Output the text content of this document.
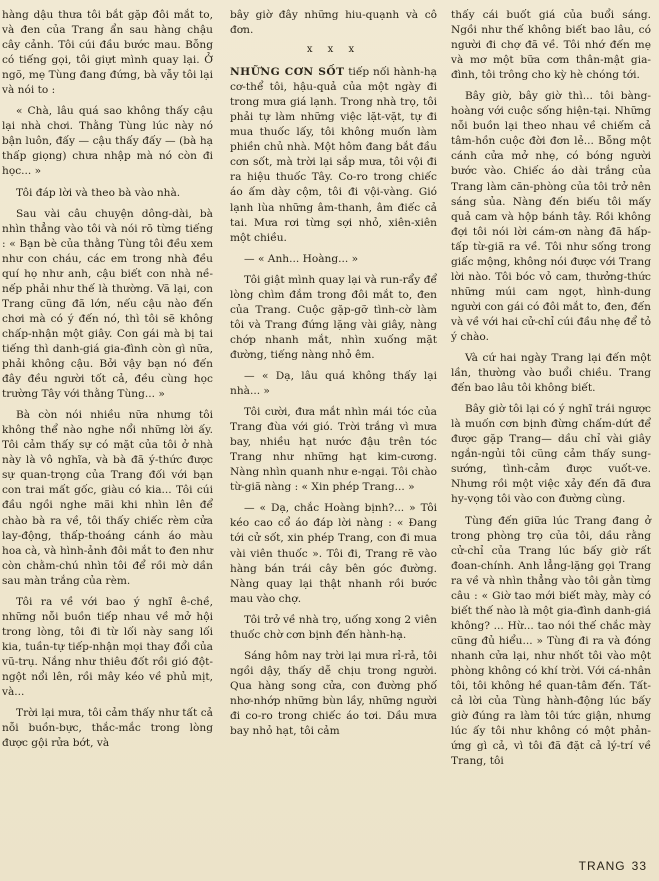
hàng dậu thưa tôi bắt gặp đôi mắt to, và đen của Trang ẩn sau hàng chậu cây cảnh. Tôi cúi đầu bước mau. Bỗng có tiếng gọi, tôi giựt mình quay lại. Ở ngõ, mẹ Tùng đang đứng, bà vẫy tôi lại và nói to :

« Chà, lâu quá sao không thấy cậu lại nhà chơi. Thằng Tùng lúc này nó bận luôn, đấy — cậu thấy đấy — (bà hạ thấp giọng) chưa nhập mà nó còn đi học... »

Tôi đáp lời và theo bà vào nhà.

Sau vài câu chuyện dông-dài, bà nhìn thẳng vào tôi và nói rõ từng tiếng : « Bạn bè của thằng Tùng tôi đều xem như con cháu, các em trong nhà đều quí họ như anh, cậu biết con nhà nề-nếp phải như thế là thường. Vã lại, con Trang cũng đã lớn, nếu cậu nào đến chơi mà có ý đến nó, thì tôi sẽ không chấp-nhận một giây. Con gái mà bị tai tiếng thì danh-giá gia-đình còn gì nữa, phải không cậu. Bởi vậy bạn nó đến đây đều người tốt cả, đều cùng học trường Tây với thằng Tùng... »

Bà còn nói nhiều nữa nhưng tôi không thể nào nghe nổi những lời ấy. Tôi cảm thấy sự có mặt của tôi ở nhà này là vô nghĩa, và bà đã ý-thức được sự quan-trọng của Trang đối với bạn con trai mất gốc, giàu có kia... Tôi cúi đầu ngồi nghe mãi khi nhìn lên để chào bà ra về, tôi thấy chiếc rèm cửa lay-động, thấp-thoáng cánh áo màu hoa cà, và hình-ảnh đôi mắt to đen như còn chằm-chú nhìn tôi để rồi mờ dần sau màn trắng của rèm.

Tôi ra về với bao ý nghĩ ê-chề, những nỗi buồn tiếp nhau về mở hội trong lòng, tôi đi từ lối này sang lối kia, tuần-tự tiếp-nhận mọi thay đổi của vũ-trụ. Nắng như thiêu đốt rồi gió đột-ngột nổi lên, rồi mây kéo về phủ mịt, và...

Trời lại mưa, tôi cảm thấy như tất cả nỗi buồn-bực, thắc-mắc trong lòng được gội rửa bớt, và

bây giờ đây những hiu-quạnh và cô đơn.

x x x

NHỮNG CƠN SỐT tiếp nối hành-hạ cơ-thể tôi, hậu-quả của một ngày đi trong mưa giá lạnh. Trong nhà trọ, tôi phải tự làm những việc lặt-vặt, tự đi mua thuốc lấy, tôi không muốn làm phiền chủ nhà. Một hôm đang bắt đầu cơn sốt, mà trời lại sắp mưa, tôi vội đi ra hiệu thuốc Tây. Co-ro trong chiếc áo ấm dày cộm, tôi đi vội-vàng. Gió lạnh lùa những âm-thanh, âm điếc cả tai. Mưa rơi từng sợi nhỏ, xiên-xiên một chiều.

— « Anh... Hoàng... »

Tôi giật mình quay lại và run-rẩy để lòng chìm đắm trong đôi mắt to, đen của Trang. Cuộc gặp-gỡ tình-cờ làm tôi và Trang đứng lặng vài giây, nàng chớp nhanh mắt, nhìn xuống mặt đường, tiếng nàng nhỏ êm.

— « Dạ, lâu quá không thấy lại nhà... »

Tôi cười, đưa mắt nhìn mái tóc của Trang đùa với gió. Trời trắng vì mưa bay, nhiều hạt nước đậu trên tóc Trang như những hạt kim-cương. Nàng nhìn quanh như e-ngại. Tôi chào từ-giã nàng : « Xin phép Trang... »

— « Dạ, chắc Hoàng bịnh?... » Tôi kéo cao cổ áo đáp lời nàng : « Đang tới cử sốt, xin phép Trang, con đi mua vài viên thuốc ». Tôi đi, Trang rẽ vào hàng bán trái cây bên góc đường. Nàng quay lại thật nhanh rồi bước mau vào chợ.

Tôi trở về nhà trọ, uống xong 2 viên thuốc chờ cơn bịnh đến hành-hạ.

Sáng hôm nay trời lại mưa rỉ-rả, tôi ngồi dậy, thấy dễ chịu trong người. Qua hàng song cửa, con đường phố nhơ-nhớp những bùn lầy, những người đi co-ro trong chiếc áo tơi. Dầu mưa bay nhỏ hạt, tôi cảm

thấy cái buốt giá của buổi sáng. Ngồi như thế không biết bao lâu, có người đi chợ đã về. Tôi nhớ đến mẹ và mơ một bữa cơm thân-mật gia-đình, tôi trông cho kỳ hè chóng tới.

Bây giờ, bây giờ thì... tôi bàng-hoàng với cuộc sống hiện-tại. Những nỗi buồn lại theo nhau về chiếm cả tâm-hồn cuộc đời đơn lẻ... Bỗng một cánh cửa mở nhẹ, có bóng người bước vào. Chiếc áo dài trắng của Trang làm căn-phòng của tôi trở nên sáng sủa. Nàng đến biếu tôi mấy quả cam và hộp bánh tây. Rồi không đợi tôi nói lời cám-ơn nàng đã hấp-tấp từ-giã ra về. Tôi như sống trong giấc mộng, không nói được với Trang lời nào. Tôi bóc vỏ cam, thưởng-thức những múi cam ngọt, hình-dung người con gái có đôi mắt to, đen, đến và về với hai cử-chỉ cúi đầu nhẹ để tỏ ý chào.

Và cứ hai ngày Trang lại đến một lần, thường vào buổi chiều. Trang đến bao lâu tôi không biết.

Bây giờ tôi lại có ý nghĩ trái ngược là muốn cơn bịnh đừng chấm-dứt để được gặp Trang— dầu chỉ vài giây ngắn-ngủi tôi cũng cảm thấy sung-sướng, tình-cảm được vuốt-ve. Nhưng rồi một việc xảy đến đã đưa hy-vọng tôi vào con đường cùng.

Tùng đến giữa lúc Trang đang ở trong phòng trọ của tôi, dầu rằng cử-chỉ của Trang lúc bấy giờ rất đoan-chính. Anh lẳng-lặng gọi Trang ra về và nhìn thẳng vào tôi gằn từng câu : « Giờ tao mới biết mày, mày có biết thế nào là một gia-đình danh-giá không? ... Hừ... tao nói thế chắc mày cũng đủ hiểu... » Tùng đi ra và đóng nhanh cửa lại, như nhốt tôi vào một phòng không có khí trời. Với cá-nhân tôi, tôi không hề quan-tâm đến. Tất-cả lời của Tùng hành-động lúc bấy giờ đúng ra làm tôi tức giận, nhưng lúc ấy tôi như không có một phản-ứng gì cả, vì tôi đã đặt cả lý-trí về Trang, tôi

TRANG 33
